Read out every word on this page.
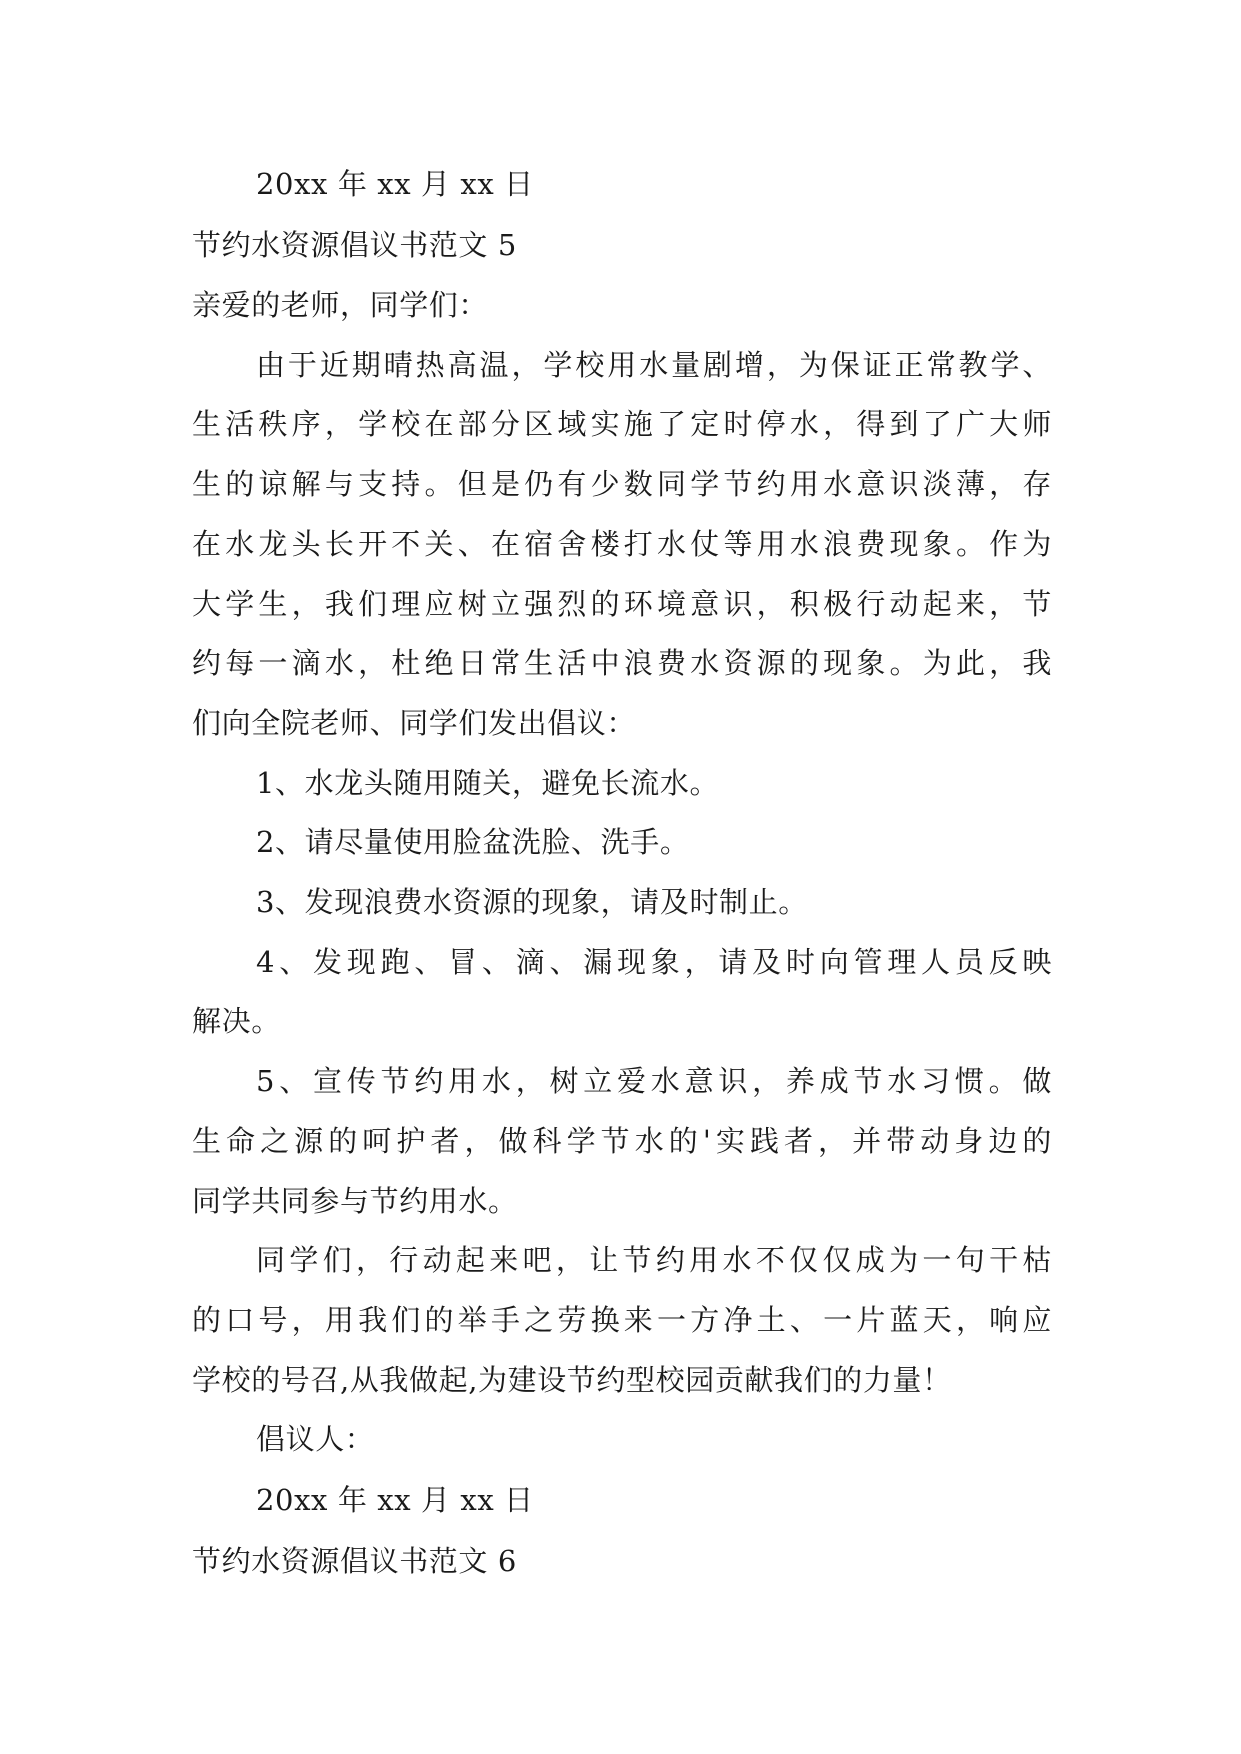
20xx 年 xx 月 xx 日
节约水资源倡议书范文 5
亲爱的老师，同学们：
由于近期晴热高温，学校用水量剧增，为保证正常教学、
生活秩序，学校在部分区域实施了定时停水，得到了广大师
生的谅解与支持。但是仍有少数同学节约用水意识淡薄，存
在水龙头长开不关、在宿舍楼打水仗等用水浪费现象。作为
大学生，我们理应树立强烈的环境意识，积极行动起来，节
约每一滴水，杜绝日常生活中浪费水资源的现象。为此，我
们向全院老师、同学们发出倡议：
1、水龙头随用随关，避免长流水。
2、请尽量使用脸盆洗脸、洗手。
3、发现浪费水资源的现象，请及时制止。
4、发现跑、冒、滴、漏现象，请及时向管理人员反映
解决。
5、宣传节约用水，树立爱水意识，养成节水习惯。做
生命之源的呵护者，做科学节水的'实践者，并带动身边的
同学共同参与节约用水。
同学们，行动起来吧，让节约用水不仅仅成为一句干枯
的口号，用我们的举手之劳换来一方净土、一片蓝天，响应
学校的号召,从我做起,为建设节约型校园贡献我们的力量！
倡议人：
20xx 年 xx 月 xx 日
节约水资源倡议书范文 6
